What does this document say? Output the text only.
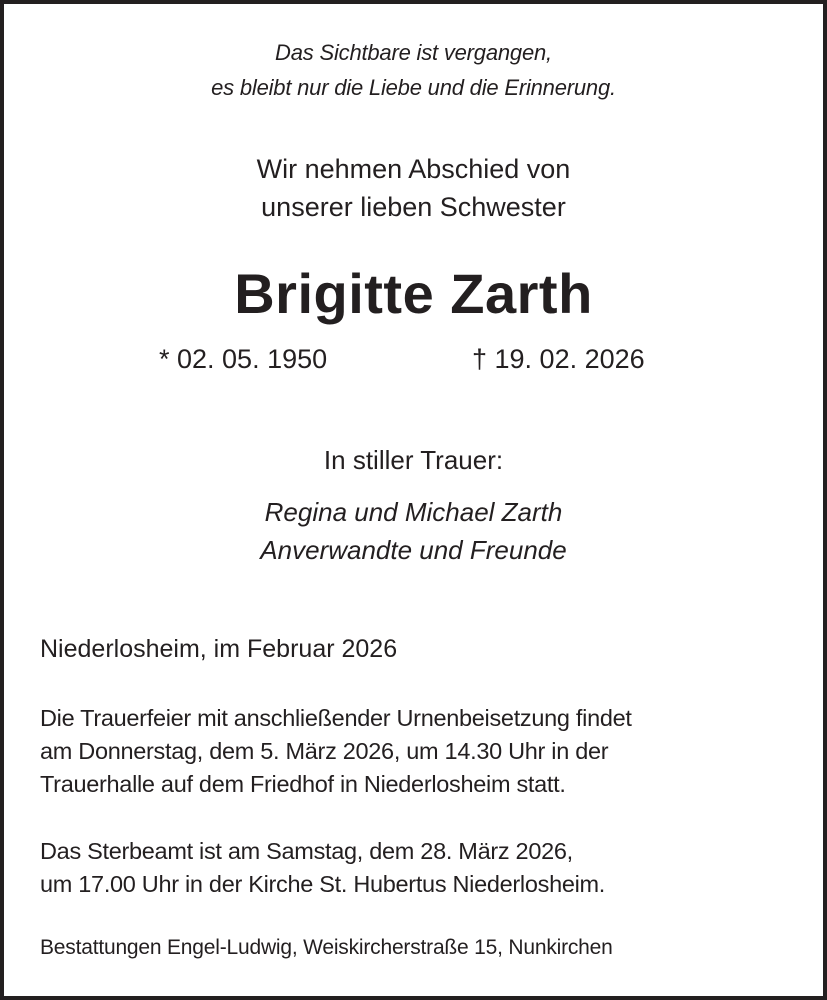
Das Sichtbare ist vergangen,
es bleibt nur die Liebe und die Erinnerung.
Wir nehmen Abschied von
unserer lieben Schwester
Brigitte Zarth
* 02. 05. 1950	† 19. 02. 2026
In stiller Trauer:
Regina und Michael Zarth
Anverwandte und Freunde
Niederlosheim, im Februar 2026
Die Trauerfeier mit anschließender Urnenbeisetzung findet
am Donnerstag, dem 5. März 2026, um 14.30 Uhr in der
Trauerhalle auf dem Friedhof in Niederlosheim statt.
Das Sterbeamt ist am Samstag, dem 28. März 2026,
um 17.00 Uhr in der Kirche St. Hubertus Niederlosheim.
Bestattungen Engel-Ludwig, Weiskircherstraße 15, Nunkirchen
